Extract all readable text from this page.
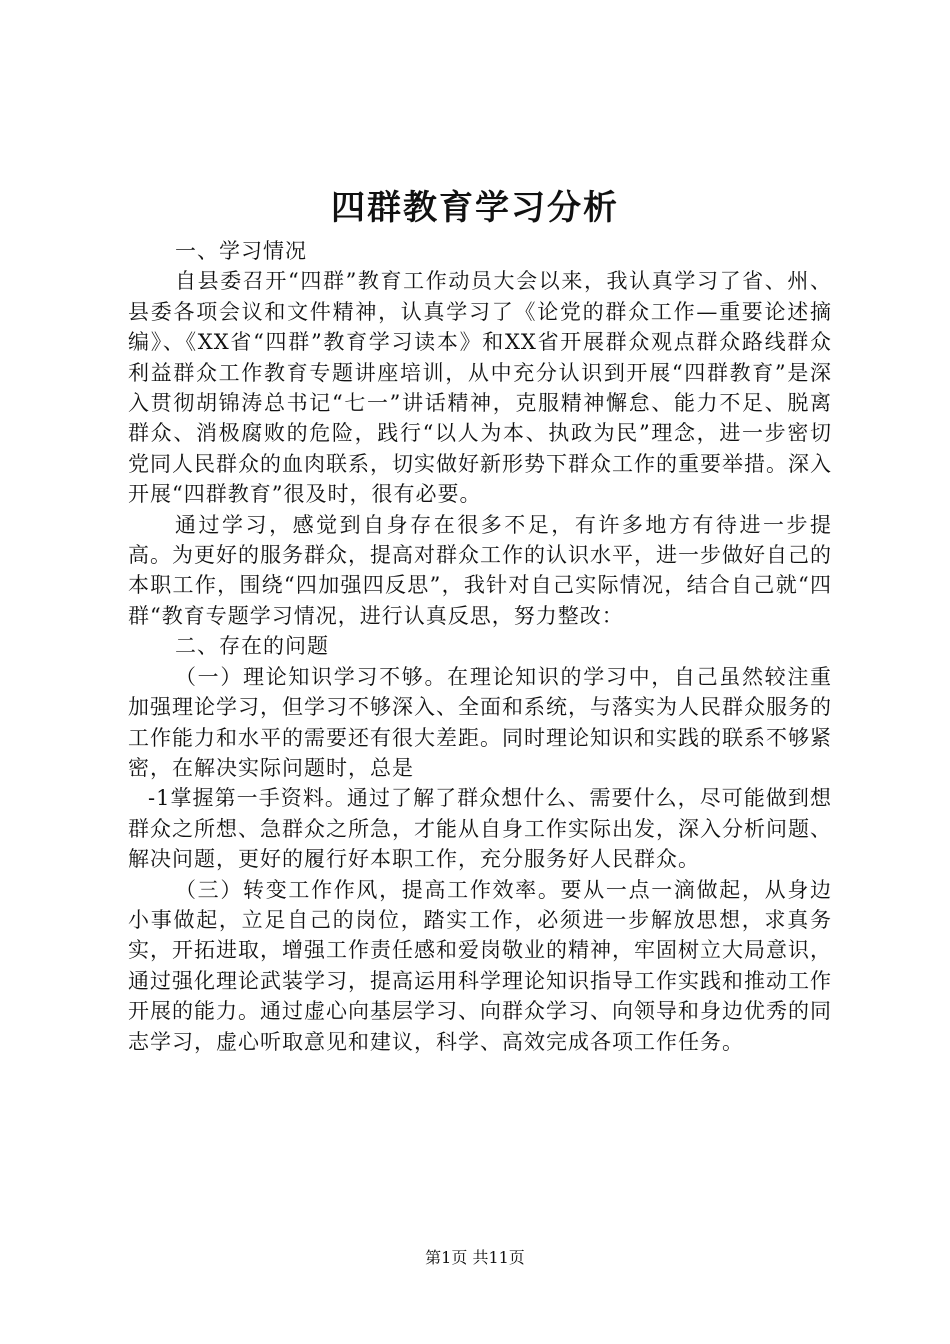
四群教育学习分析

一、学习情况

自县委召开“四群”教育工作动员大会以来，我认真学习了省、州、县委各项会议和文件精神，认真学习了《论党的群众工作—重要论述摘编》、《XX省“四群”教育学习读本》和XX省开展群众观点群众路线群众利益群众工作教育专题讲座培训，从中充分认识到开展“四群教育”是深入贯彻胡锦涛总书记“七一”讲话精神，克服精神懈怠、能力不足、脱离群众、消极腐败的危险，践行“以人为本、执政为民”理念，进一步密切党同人民群众的血肉联系，切实做好新形势下群众工作的重要举措。深入开展“四群教育”很及时，很有必要。

通过学习，感觉到自身存在很多不足，有许多地方有待进一步提高。为更好的服务群众，提高对群众工作的认识水平，进一步做好自己的本职工作，围绕“四加强四反思”，我针对自己实际情况，结合自己就“四群“教育专题学习情况，进行认真反思，努力整改：

二、存在的问题

（一）理论知识学习不够。在理论知识的学习中，自己虽然较注重加强理论学习，但学习不够深入、全面和系统，与落实为人民群众服务的工作能力和水平的需要还有很大差距。同时理论知识和实践的联系不够紧密，在解决实际问题时，总是

-1掌握第一手资料。通过了解了群众想什么、需要什么，尽可能做到想群众之所想、急群众之所急，才能从自身工作实际出发，深入分析问题、解决问题，更好的履行好本职工作，充分服务好人民群众。

（三）转变工作作风，提高工作效率。要从一点一滴做起，从身边小事做起，立足自己的岗位，踏实工作，必须进一步解放思想，求真务实，开拓进取，增强工作责任感和爱岗敬业的精神，牢固树立大局意识，通过强化理论武装学习，提高运用科学理论知识指导工作实践和推动工作开展的能力。通过虚心向基层学习、向群众学习、向领导和身边优秀的同志学习，虚心听取意见和建议，科学、高效完成各项工作任务。

第1页 共11页
